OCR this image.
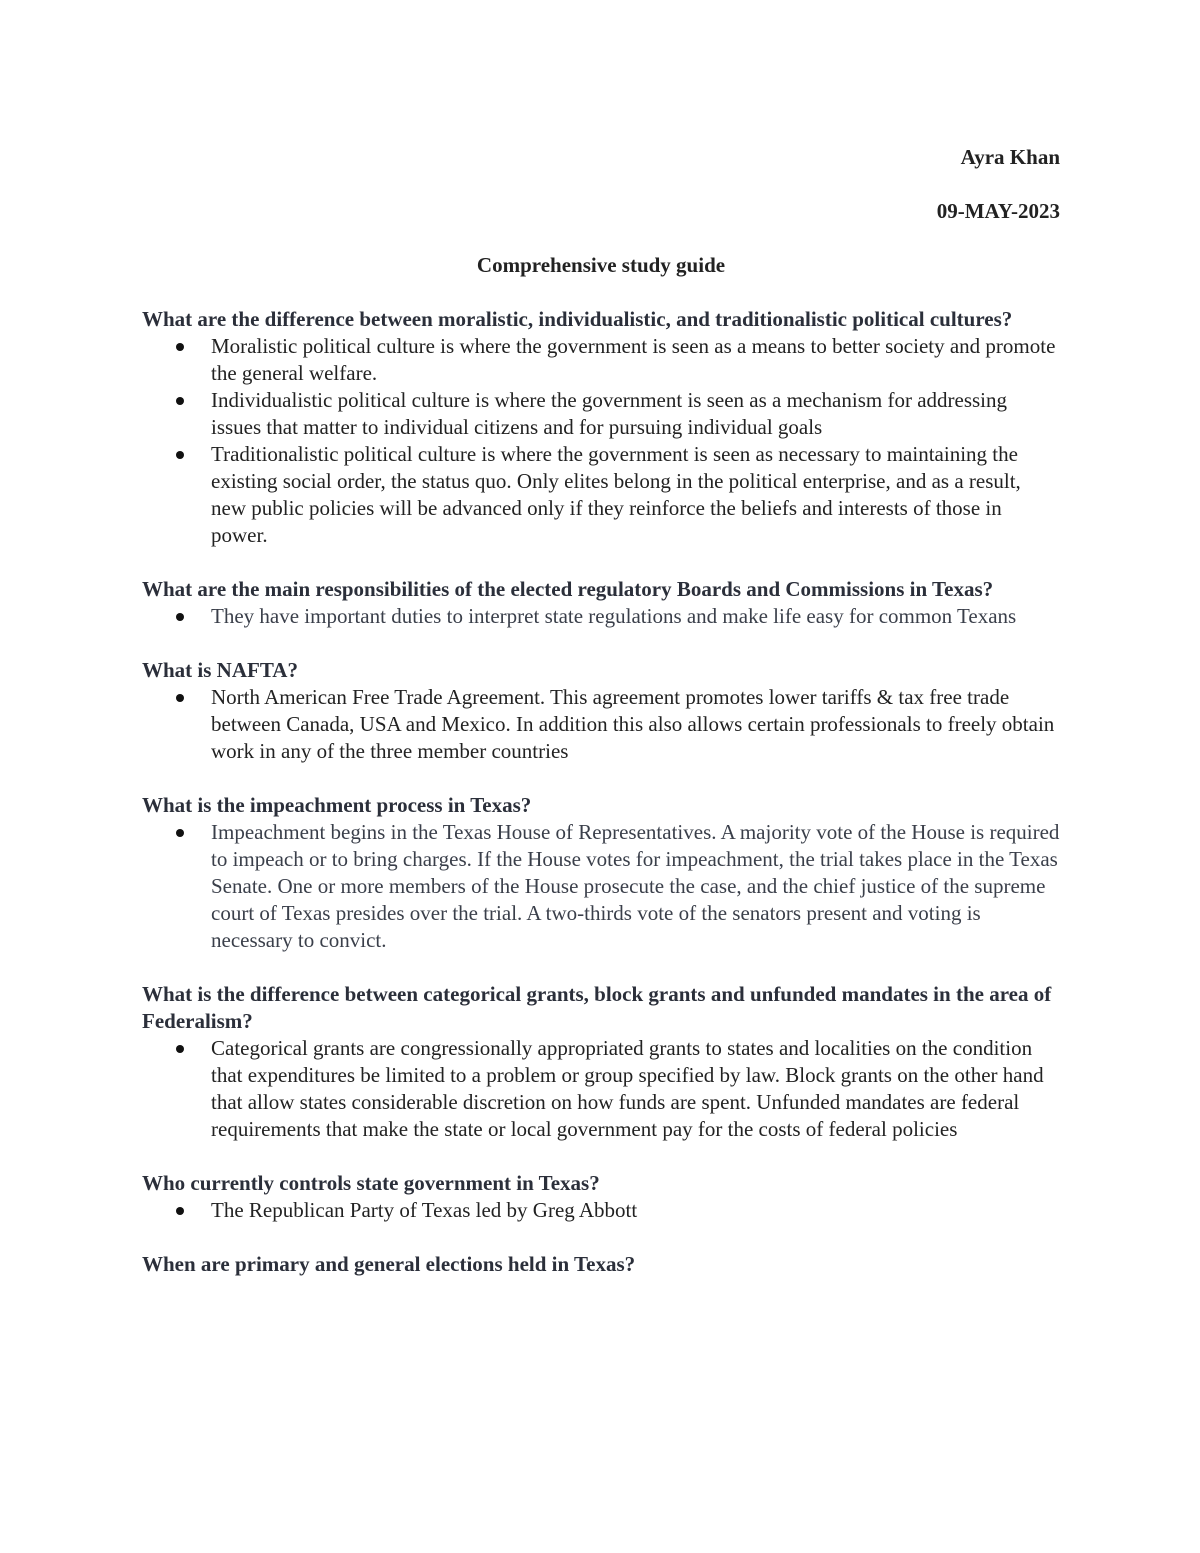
Ayra Khan

09-MAY-2023

Comprehensive study guide

What are the difference between moralistic, individualistic, and traditionalistic political cultures?

Moralistic political culture is where the government is seen as a means to better society and promote the general welfare.
Individualistic political culture is where the government is seen as a mechanism for addressing issues that matter to individual citizens and for pursuing individual goals
Traditionalistic political culture is where the government is seen as necessary to maintaining the existing social order, the status quo. Only elites belong in the political enterprise, and as a result, new public policies will be advanced only if they reinforce the beliefs and interests of those in power.

What are the main responsibilities of the elected regulatory Boards and Commissions in Texas?

They have important duties to interpret state regulations and make life easy for common Texans

What is NAFTA?

North American Free Trade Agreement. This agreement promotes lower tariffs & tax free trade between Canada, USA and Mexico. In addition this also allows certain professionals to freely obtain work in any of the three member countries

What is the impeachment process in Texas?

Impeachment begins in the Texas House of Representatives. A majority vote of the House is required to impeach or to bring charges. If the House votes for impeachment, the trial takes place in the Texas Senate. One or more members of the House prosecute the case, and the chief justice of the supreme court of Texas presides over the trial. A two-thirds vote of the senators present and voting is necessary to convict.

What is the difference between categorical grants, block grants and unfunded mandates in the area of Federalism?

Categorical grants are congressionally appropriated grants to states and localities on the condition that expenditures be limited to a problem or group specified by law. Block grants on the other hand that allow states considerable discretion on how funds are spent. Unfunded mandates are federal requirements that make the state or local government pay for the costs of federal policies

Who currently controls state government in Texas?

The Republican Party of Texas led by Greg Abbott

When are primary and general elections held in Texas?
